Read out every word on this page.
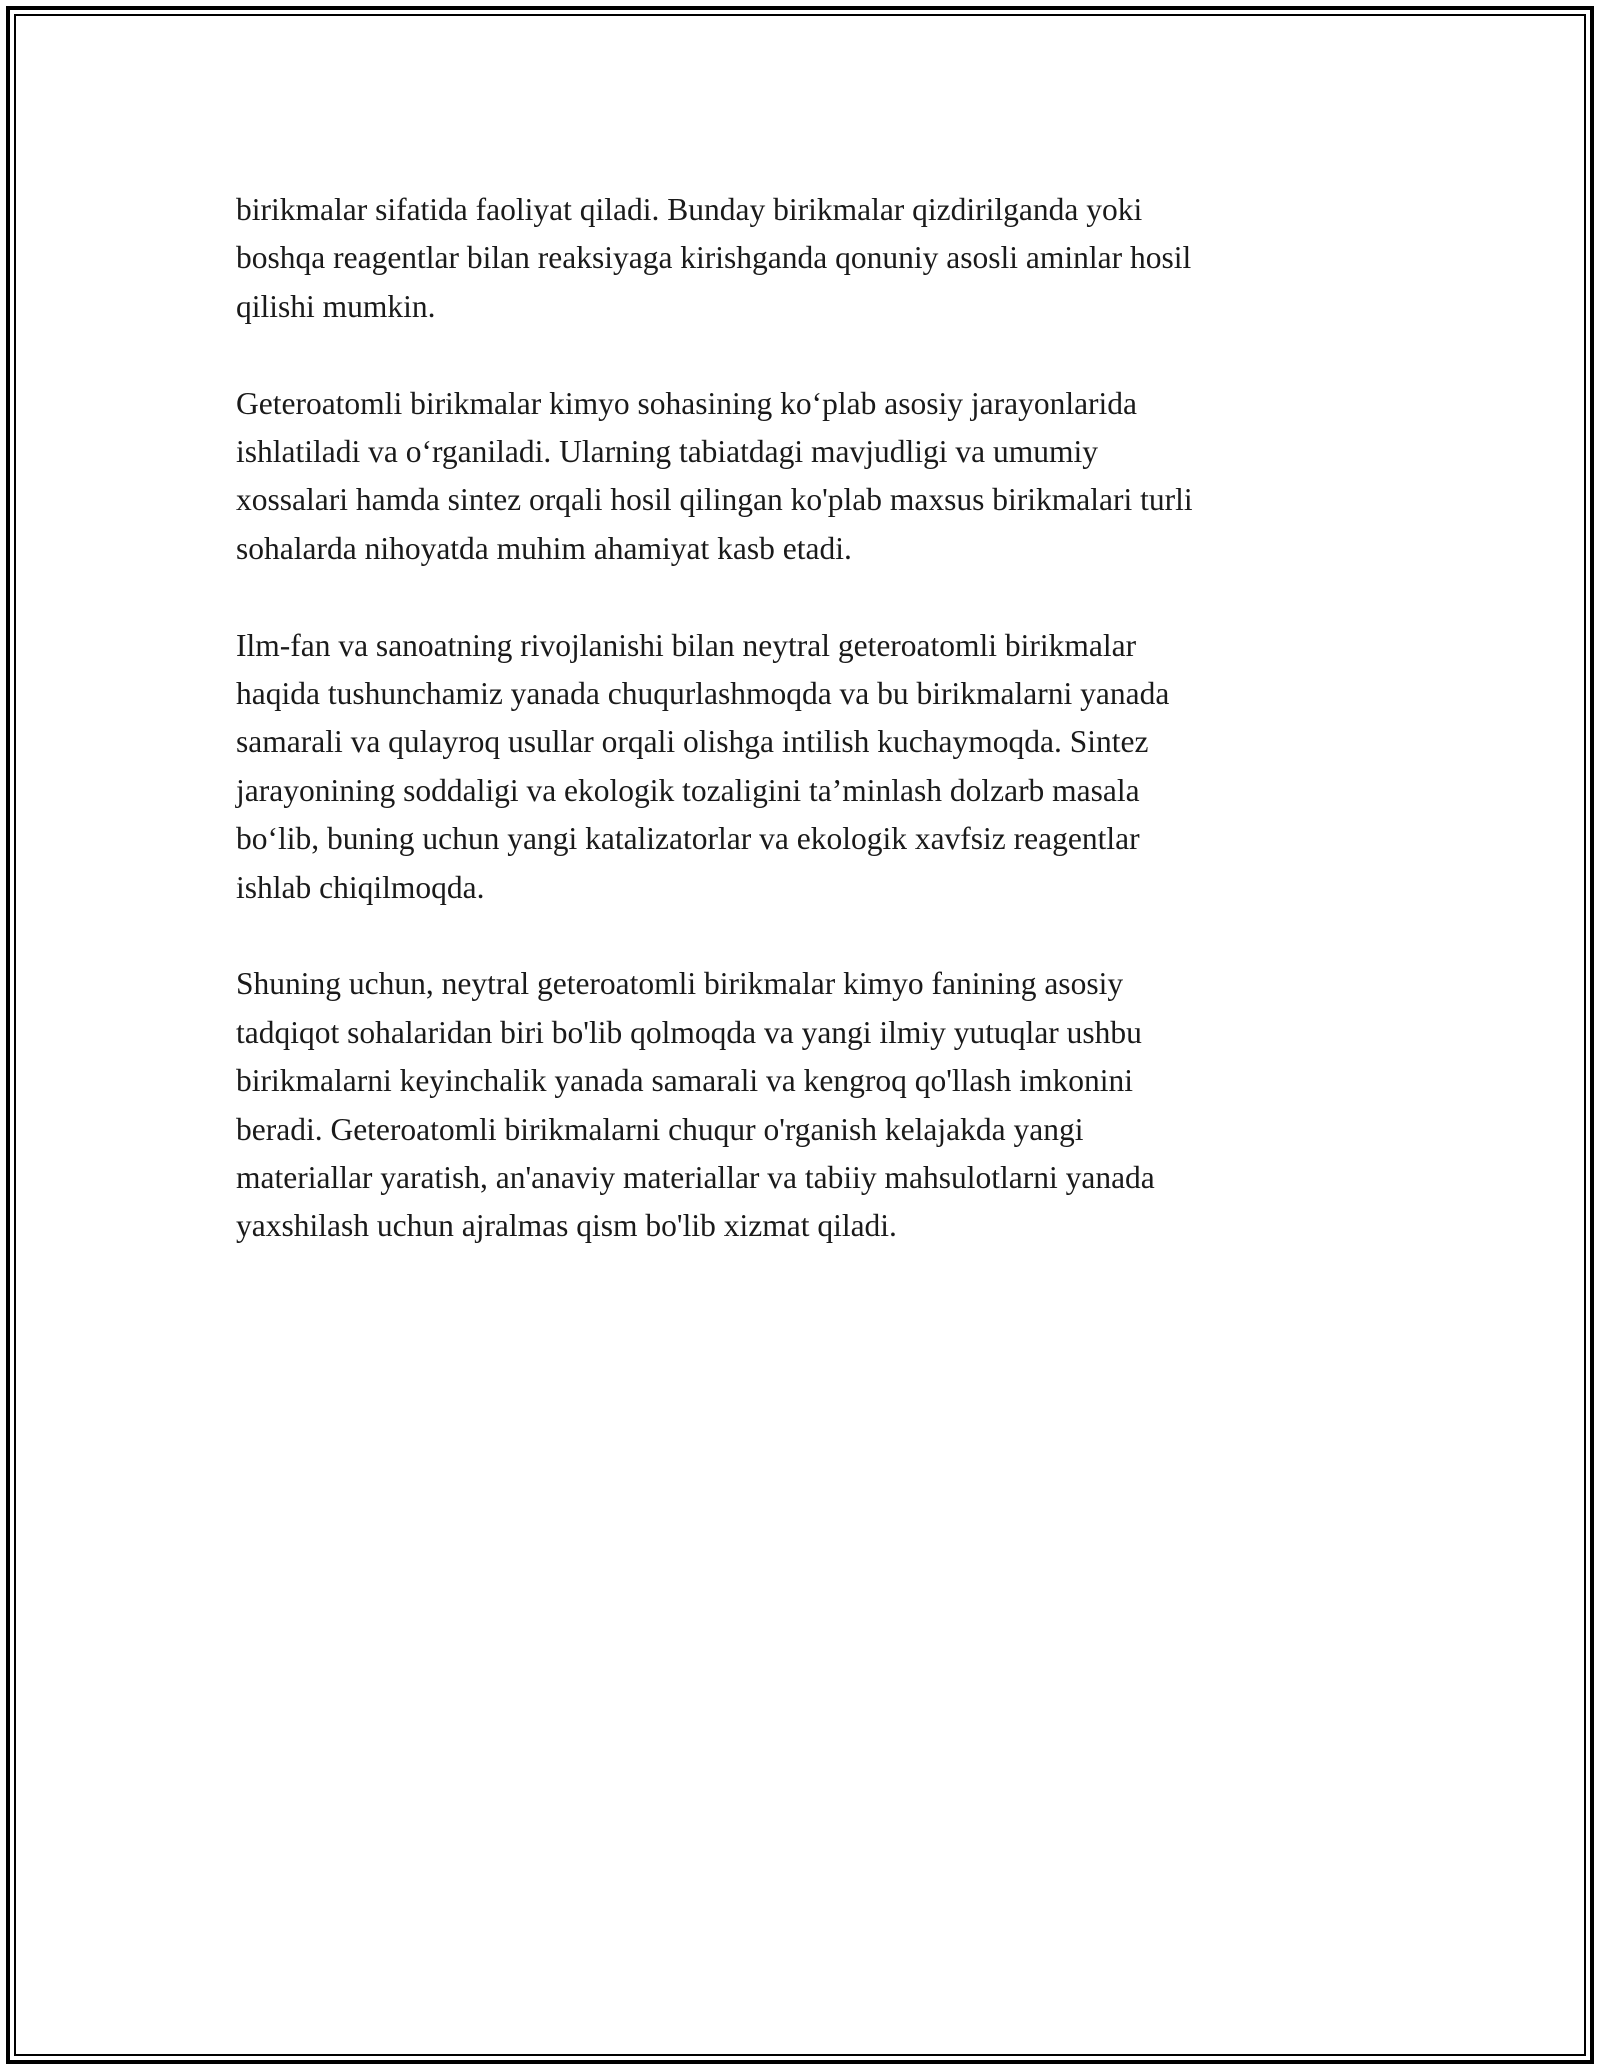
birikmalar sifatida faoliyat qiladi. Bunday birikmalar qizdirilganda yoki
boshqa reagentlar bilan reaksiyaga kirishganda qonuniy asosli aminlar hosil
qilishi mumkin.

Geteroatomli birikmalar kimyo sohasining ko‘plab asosiy jarayonlarida
ishlatiladi va o‘rganiladi. Ularning tabiatdagi mavjudligi va umumiy
xossalari hamda sintez orqali hosil qilingan ko'plab maxsus birikmalari turli
sohalarda nihoyatda muhim ahamiyat kasb etadi.

Ilm-fan va sanoatning rivojlanishi bilan neytral geteroatomli birikmalar
haqida tushunchamiz yanada chuqurlashmoqda va bu birikmalarni yanada
samarali va qulayroq usullar orqali olishga intilish kuchaymoqda. Sintez
jarayonining soddaligi va ekologik tozaligini ta’minlash dolzarb masala
bo‘lib, buning uchun yangi katalizatorlar va ekologik xavfsiz reagentlar
ishlab chiqilmoqda.

Shuning uchun, neytral geteroatomli birikmalar kimyo fanining asosiy
tadqiqot sohalaridan biri bo'lib qolmoqda va yangi ilmiy yutuqlar ushbu
birikmalarni keyinchalik yanada samarali va kengroq qo'llash imkonini
beradi. Geteroatomli birikmalarni chuqur o'rganish kelajakda yangi
materiallar yaratish, an'anaviy materiallar va tabiiy mahsulotlarni yanada
yaxshilash uchun ajralmas qism bo'lib xizmat qiladi.
